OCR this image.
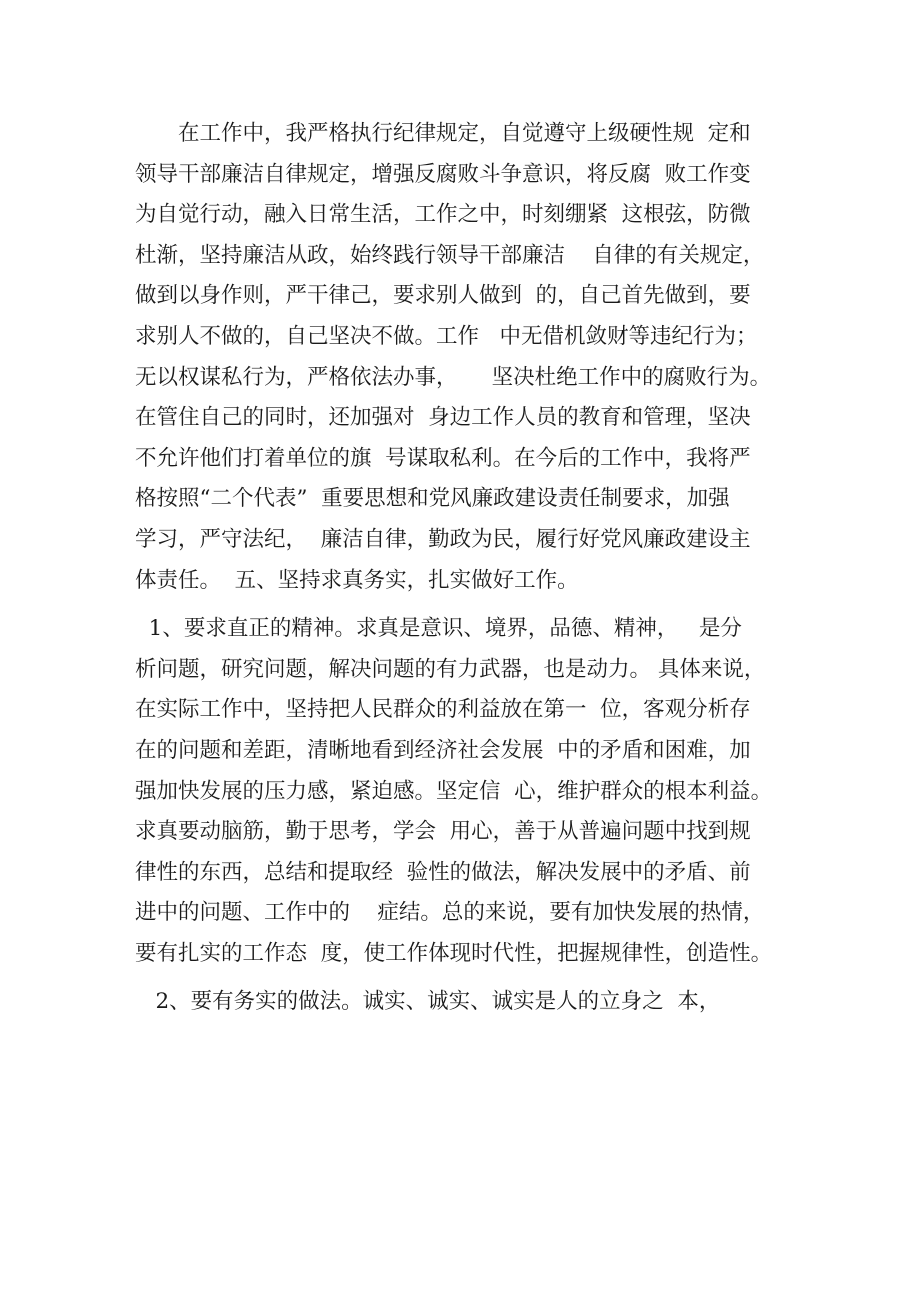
　　在工作中，我严格执行纪律规定，自觉遵守上级硬性规  定和
领导干部廉洁自律规定，增强反腐败斗争意识，将反腐  败工作变
为自觉行动，融入日常生活，工作之中，时刻绷紧  这根弦，防微
杜渐，坚持廉洁从政，始终践行领导干部廉洁    自律的有关规定，
做到以身作则，严干律己，要求别人做到  的，自己首先做到，要
求别人不做的，自己坚决不做。工作   中无借机敛财等违纪行为；
无以权谋私行为，严格依法办事，     坚决杜绝工作中的腐败行为。
在管住自己的同时，还加强对  身边工作人员的教育和管理，坚决
不允许他们打着单位的旗  号谋取私利。在今后的工作中，我将严
格按照“二个代表”  重要思想和党风廉政建设责任制要求，加强
学习，严守法纪，  廉洁自律，勤政为民，履行好党风廉政建设主
体责任。  五、坚持求真务实，扎实做好工作。
1、要求直正的精神。求真是意识、境界，品德、精神，   是分
析问题，研究问题，解决问题的有力武器，也是动力。 具体来说，
在实际工作中，坚持把人民群众的利益放在第一  位，客观分析存
在的问题和差距，清晰地看到经济社会发展  中的矛盾和困难，加
强加快发展的压力感，紧迫感。坚定信  心，维护群众的根本利益。
求真要动脑筋，勤于思考，学会  用心，善于从普遍问题中找到规
律性的东西，总结和提取经  验性的做法，解决发展中的矛盾、前
进中的问题、工作中的    症结。总的来说，要有加快发展的热情，
要有扎实的工作态  度，使工作体现时代性，把握规律性，创造性。
2、要有务实的做法。诚实、诚实、诚实是人的立身之  本，
